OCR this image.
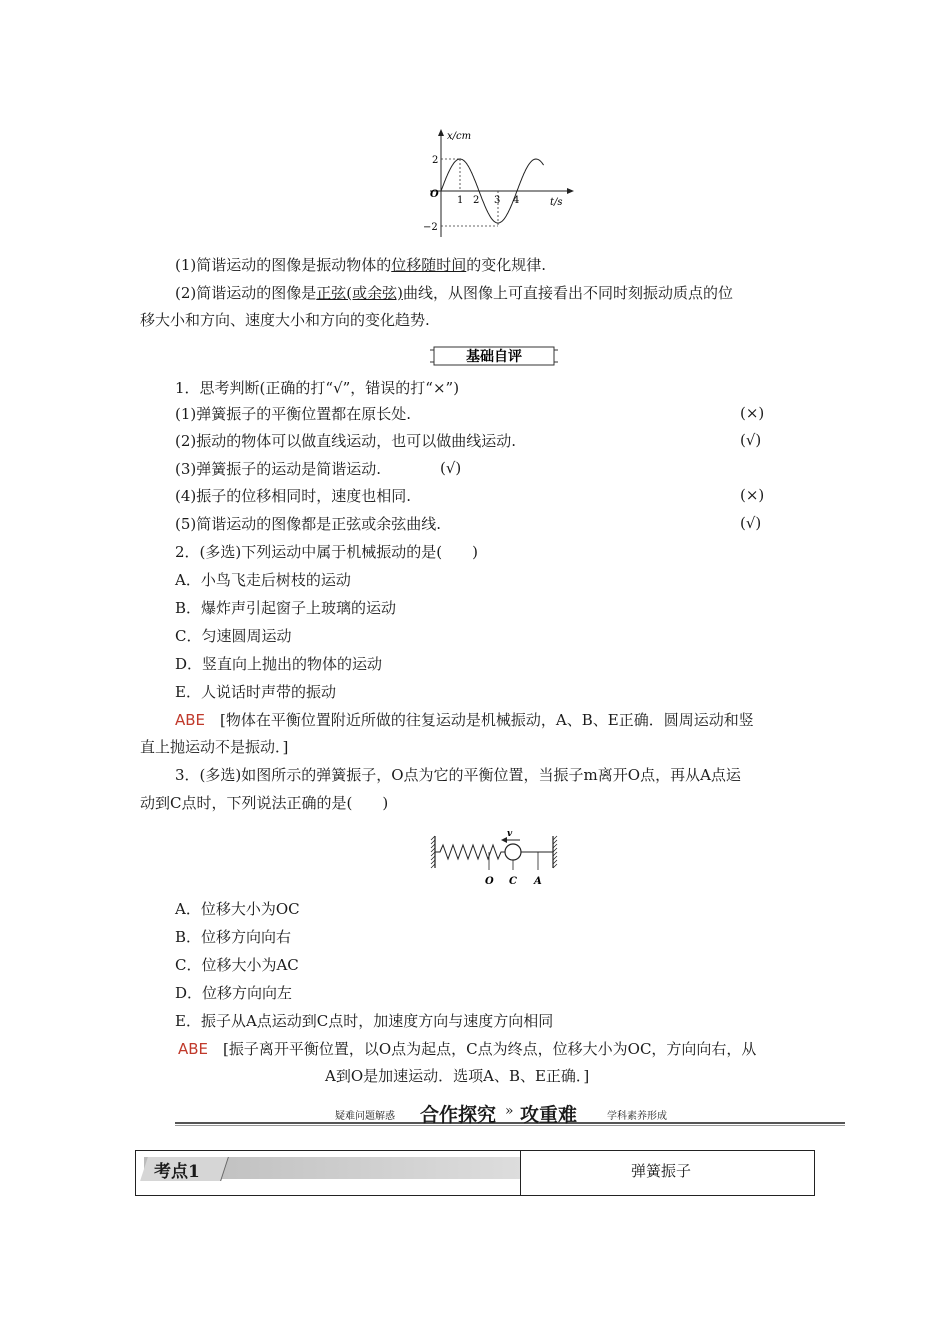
x/cm
t/s
O
2
−2
1 2 3 4
(1)简谐运动的图像是振动物体的位移随时间的变化规律.
(2)简谐运动的图像是正弦(或余弦)曲线，从图像上可直接看出不同时刻振动质点的位
移大小和方向、速度大小和方向的变化趋势.
基础自评
1．思考判断(正确的打“√”，错误的打“×”)
(1)弹簧振子的平衡位置都在原长处.	(×)
(2)振动的物体可以做直线运动，也可以做曲线运动.	(√)
(3)弹簧振子的运动是简谐运动.	(√)
(4)振子的位移相同时，速度也相同.	(×)
(5)简谐运动的图像都是正弦或余弦曲线.	(√)
2．(多选)下列运动中属于机械振动的是(　　)
A．小鸟飞走后树枝的运动
B．爆炸声引起窗子上玻璃的运动
C．匀速圆周运动
D．竖直向上抛出的物体的运动
E．人说话时声带的振动
ABE　[物体在平衡位置附近所做的往复运动是机械振动，A、B、E正确．圆周运动和竖
直上抛运动不是振动．]
3．(多选)如图所示的弹簧振子，O点为它的平衡位置，当振子m离开O点，再从A点运
动到C点时，下列说法正确的是(　　)
v
O C A
A．位移大小为OC
B．位移方向向右
C．位移大小为AC
D．位移方向向左
E．振子从A点运动到C点时，加速度方向与速度方向相同
ABE　[振子离开平衡位置，以O点为起点，C点为终点，位移大小为OC，方向向右，从
A到O是加速运动．选项A、B、E正确．]
疑难问题解惑 合作探究 » 攻重难	学科素养形成
考点1	弹簧振子
